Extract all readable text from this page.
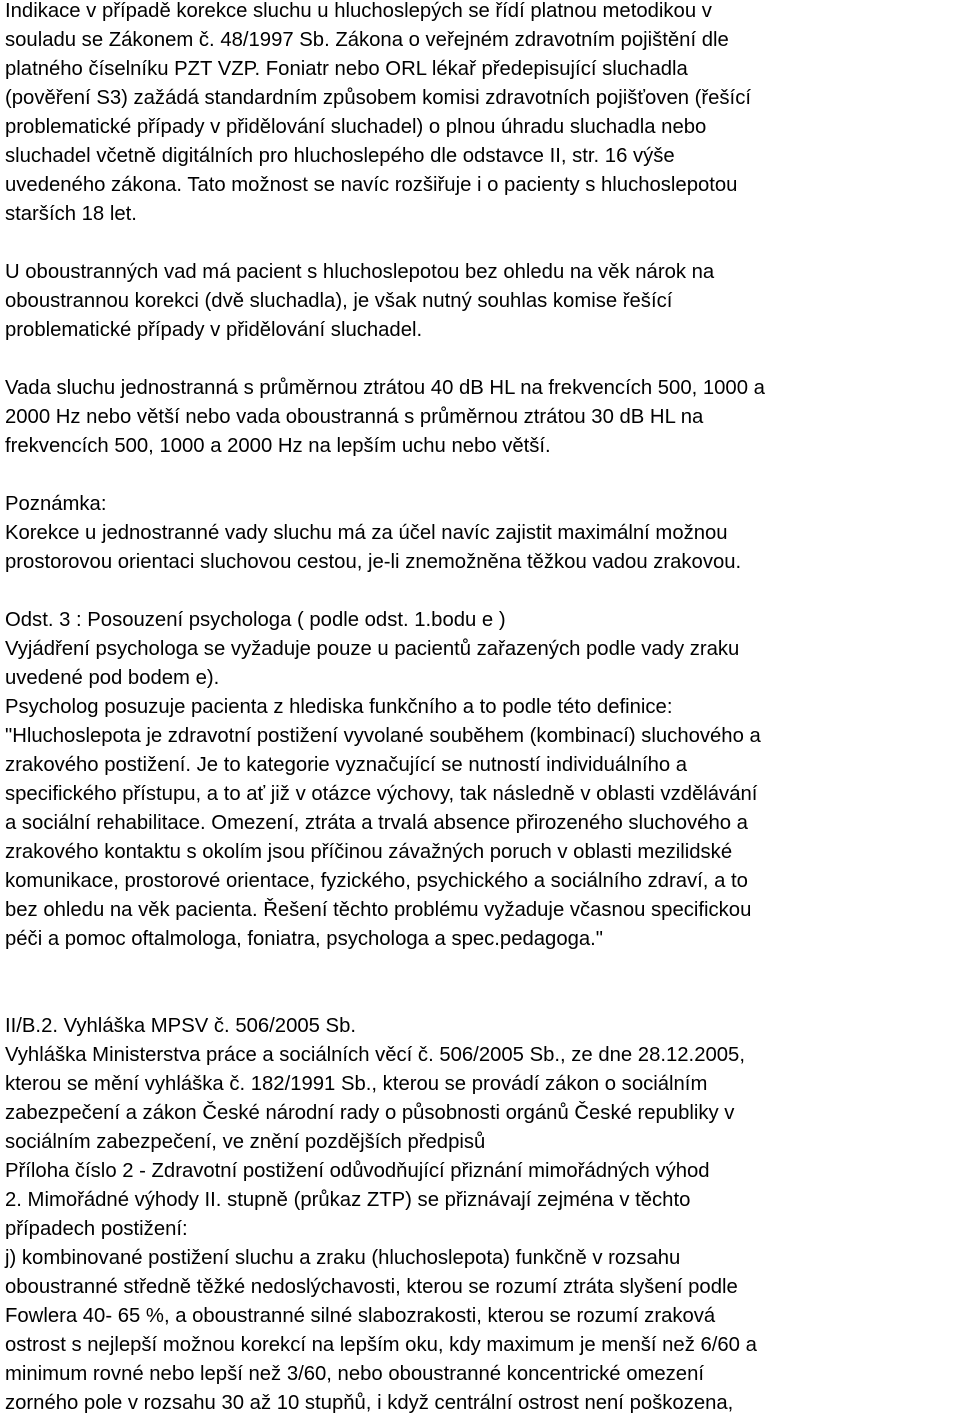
Indikace v případě korekce sluchu u hluchoslepých se řídí platnou metodikou v
souladu se Zákonem č. 48/1997 Sb. Zákona o veřejném zdravotním pojištění dle
platného číselníku PZT VZP. Foniatr nebo ORL lékař předepisující sluchadla
(pověření S3) zažádá standardním způsobem komisi zdravotních pojišťoven (řešící
problematické případy v přidělování sluchadel) o plnou úhradu sluchadla nebo
sluchadel včetně digitálních pro hluchoslepého dle odstavce II, str. 16 výše
uvedeného zákona. Tato možnost se navíc rozšiřuje i o pacienty s hluchoslepotou
starších 18 let.

U oboustranných vad má pacient s hluchoslepotou bez ohledu na věk nárok na
oboustrannou korekci (dvě sluchadla), je však nutný souhlas komise řešící
problematické případy v přidělování sluchadel.

Vada sluchu jednostranná s průměrnou ztrátou 40 dB HL na frekvencích 500, 1000 a
2000 Hz nebo větší nebo vada oboustranná s průměrnou ztrátou 30 dB HL na
frekvencích 500, 1000 a 2000 Hz na lepším uchu nebo větší.

Poznámka:
Korekce u jednostranné vady sluchu má za účel navíc zajistit maximální možnou
prostorovou orientaci sluchovou cestou, je-li znemožněna těžkou vadou zrakovou.

Odst. 3 : Posouzení psychologa ( podle odst. 1.bodu e )
Vyjádření psychologa se vyžaduje pouze u pacientů zařazených podle vady zraku
uvedené pod bodem e).
Psycholog posuzuje pacienta z hlediska funkčního a to podle této definice:
"Hluchoslepota je zdravotní postižení vyvolané souběhem (kombinací) sluchového a
zrakového postižení. Je to kategorie vyznačující se nutností individuálního a
specifického přístupu, a to ať již v otázce výchovy, tak následně v oblasti vzdělávání
a sociální rehabilitace. Omezení, ztráta a trvalá absence přirozeného sluchového a
zrakového kontaktu s okolím jsou příčinou závažných poruch v oblasti mezilidské
komunikace, prostorové orientace, fyzického, psychického a sociálního zdraví, a to
bez ohledu na věk pacienta. Řešení těchto problému vyžaduje včasnou specifickou
péči a pomoc oftalmologa, foniatra, psychologa a spec.pedagoga."

II/B.2. Vyhláška MPSV č. 506/2005 Sb.
Vyhláška Ministerstva práce a sociálních věcí č. 506/2005 Sb., ze dne 28.12.2005,
kterou se mění vyhláška č. 182/1991 Sb., kterou se provádí zákon o sociálním
zabezpečení a zákon České národní rady o působnosti orgánů České republiky v
sociálním zabezpečení, ve znění pozdějších předpisů
Příloha číslo 2 - Zdravotní postižení odůvodňující přiznání mimořádných výhod
2. Mimořádné výhody II. stupně (průkaz ZTP) se přiznávají zejména v těchto
případech postižení:
j) kombinované postižení sluchu a zraku (hluchoslepota) funkčně v rozsahu
oboustranné středně těžké nedoslýchavosti, kterou se rozumí ztráta slyšení podle
Fowlera 40- 65 %, a oboustranné silné slabozrakosti, kterou se rozumí zraková
ostrost s nejlepší možnou korekcí na lepším oku, kdy maximum je menší než 6/60 a
minimum rovné nebo lepší než 3/60, nebo oboustranné koncentrické omezení
zorného pole v rozsahu 30 až 10 stupňů, i když centrální ostrost není poškozena,
